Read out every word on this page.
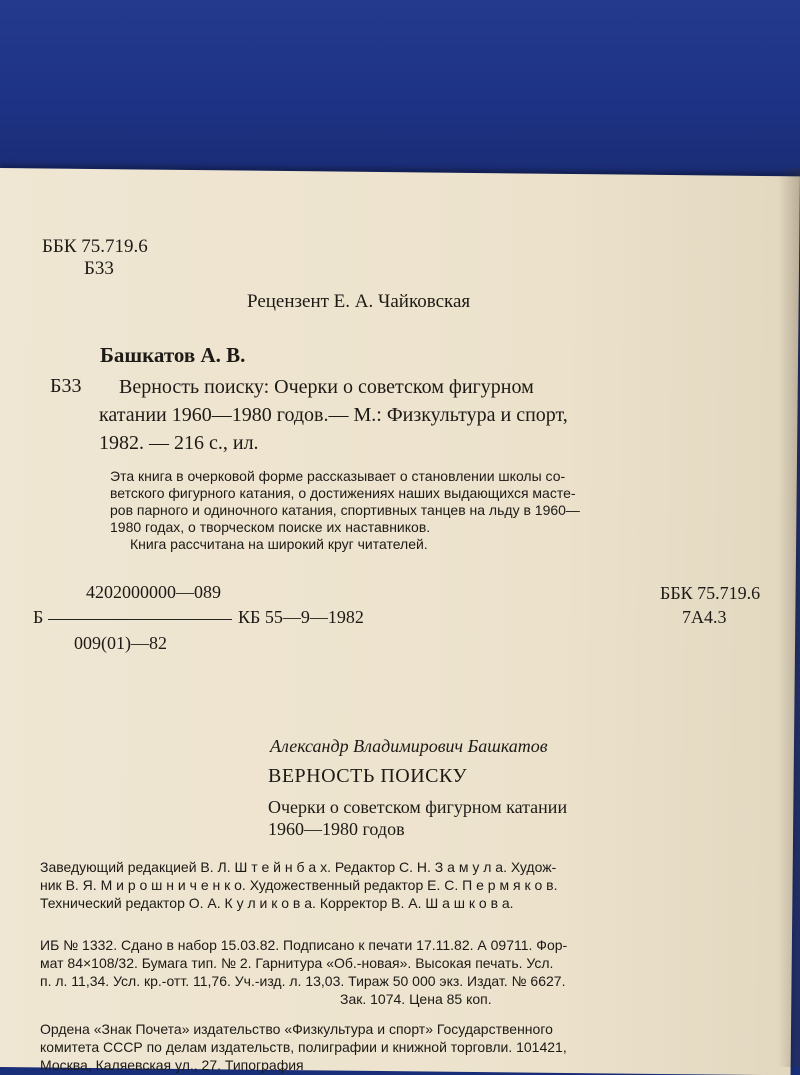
ББК 75.719.6
Б33
Рецензент Е. А. Чайковская
Башкатов А. В.
Б33	Верность поиску: Очерки о советском фигурном
катании 1960—1980 годов.— М.: Физкультура и спорт,
1982. — 216 с., ил.
Эта книга в очерковой форме рассказывает о становлении школы со-
ветского фигурного катания, о достижениях наших выдающихся масте-
ров парного и одиночного катания, спортивных танцев на льду в 1960—
1980 годах, о творческом поиске их наставников.
Книга рассчитана на широкий круг читателей.
4202000000—089
Б	КБ 55—9—1982
009(01)—82
ББК 75.719.6
7А4.3
Александр Владимирович Башкатов
ВЕРНОСТЬ ПОИСКУ
Очерки о советском фигурном катании
1960—1980 годов
Заведующий редакцией В. Л. Ш т е й н б а х. Редактор С. Н. З а м у л а. Худож-
ник В. Я. М и р о ш н и ч е н к о. Художественный редактор Е. С. П е р м я к о в.
Технический редактор О. А. К у л и к о в а. Корректор В. А. Ш а ш к о в а.
ИБ № 1332. Сдано в набор 15.03.82. Подписано к печати 17.11.82. А 09711. Фор-
мат 84×108/32. Бумага тип. № 2. Гарнитура «Об.-новая». Высокая печать. Усл.
п. л. 11,34. Усл. кр.-отт. 11,76. Уч.-изд. л. 13,03. Тираж 50 000 экз. Издат. № 6627.
Зак. 1074. Цена 85 коп.
Ордена «Знак Почета» издательство «Физкультура и спорт» Государственного
комитета СССР по делам издательств, полиграфии и книжной торговли. 101421,
Москва, Каляевская ул., 27. Типография
